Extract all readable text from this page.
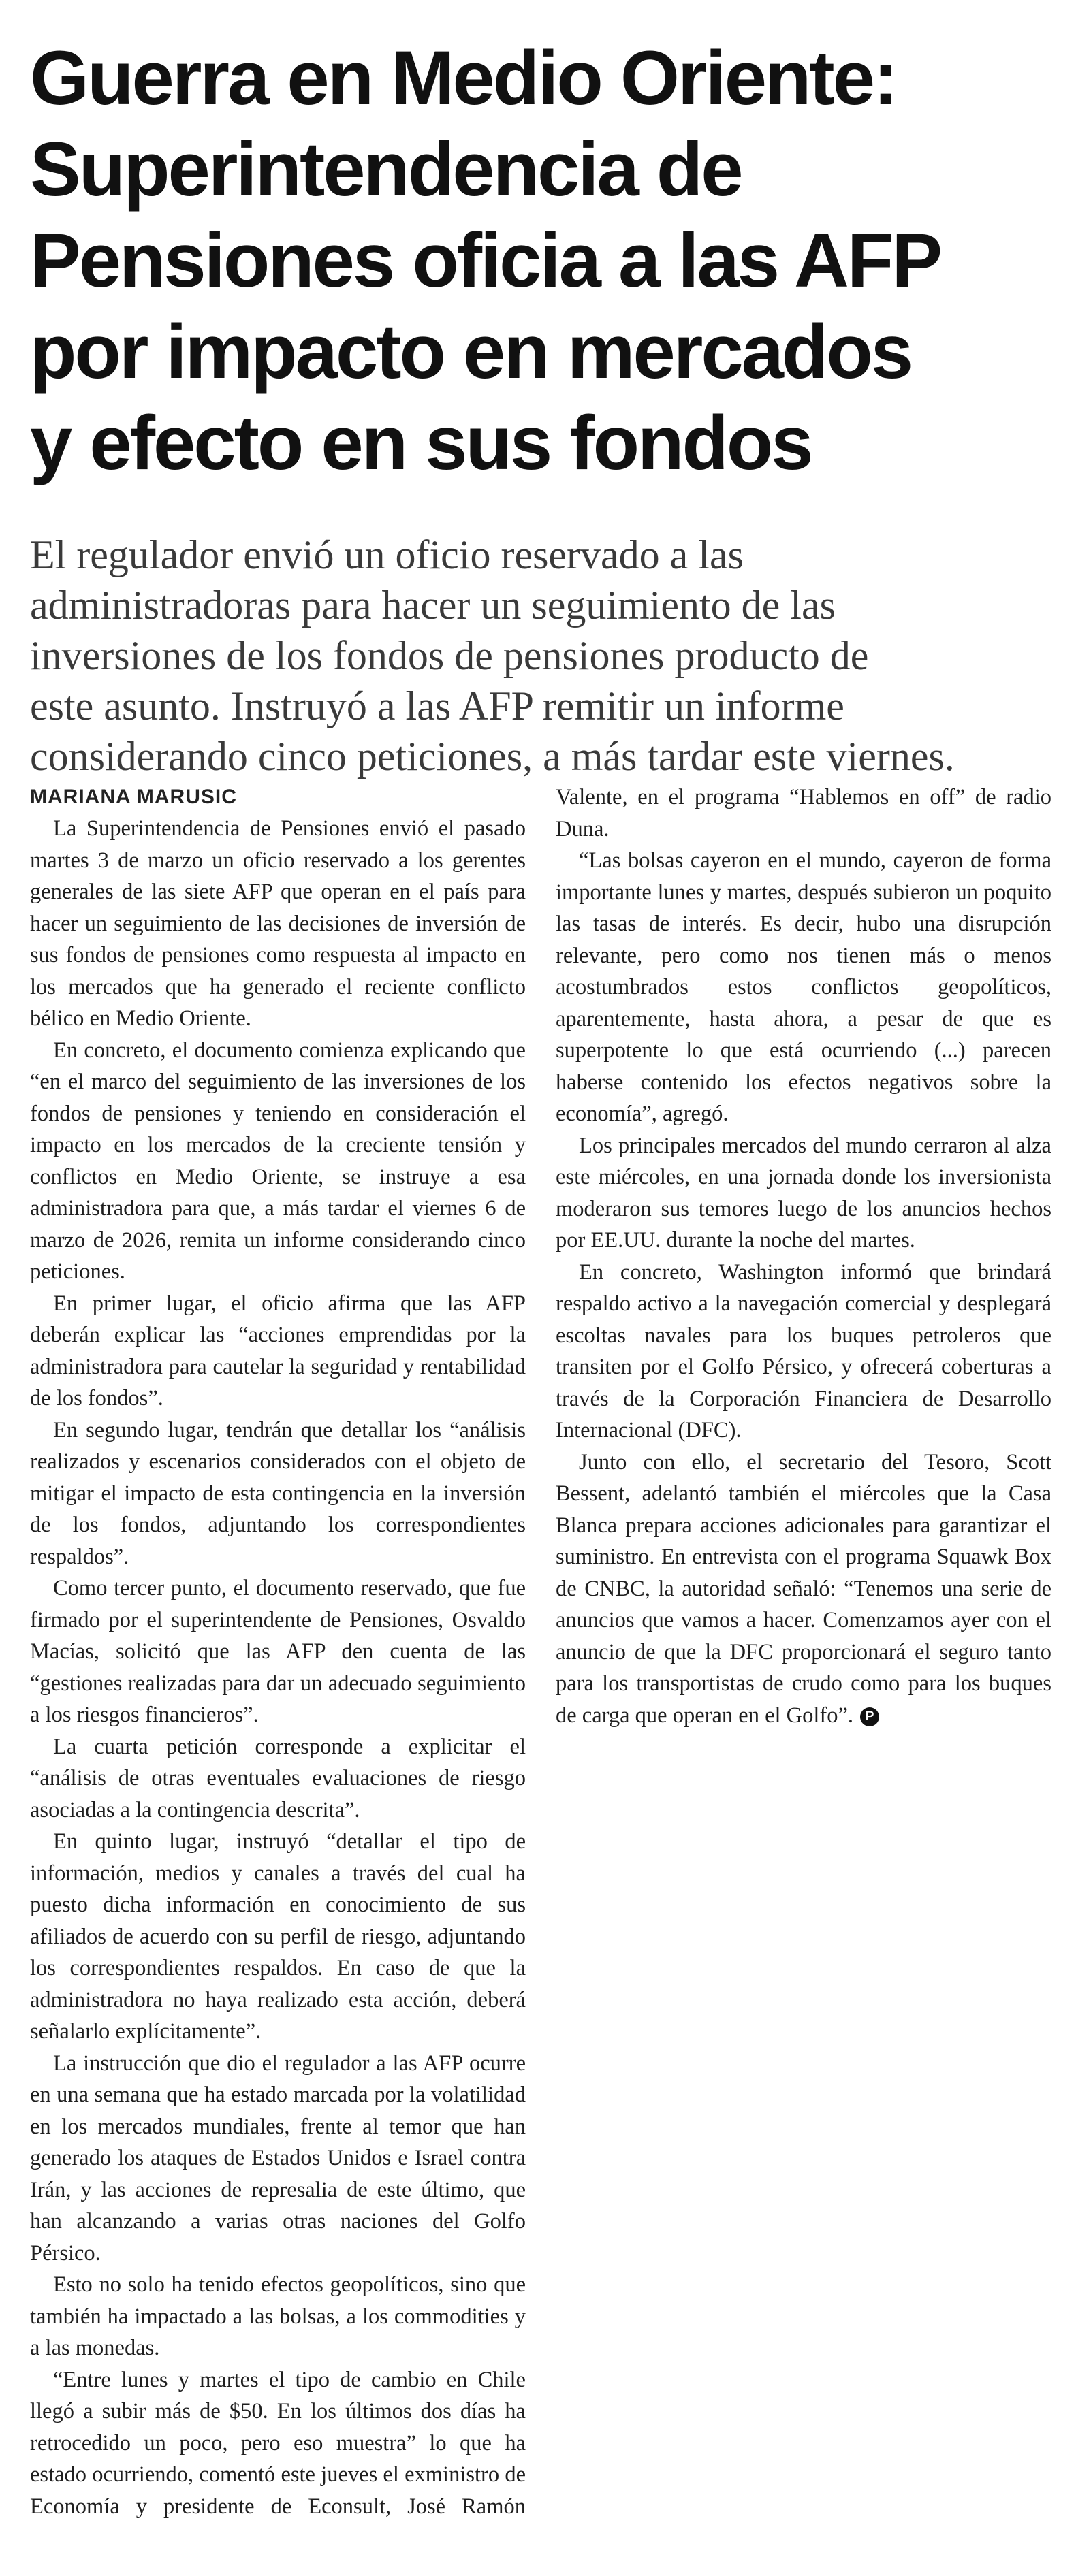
Guerra en Medio Oriente:
Superintendencia de
Pensiones oficia a las AFP
por impacto en mercados
y efecto en sus fondos

El regulador envió un oficio reservado a las
administradoras para hacer un seguimiento de las
inversiones de los fondos de pensiones producto de
este asunto. Instruyó a las AFP remitir un informe
considerando cinco peticiones, a más tardar este viernes.

MARIANA MARUSIC

La Superintendencia de Pensiones envió el pasado martes 3 de marzo un oficio reservado a los gerentes generales de las siete AFP que operan en el país para hacer un seguimiento de las decisiones de inversión de sus fondos de pensiones como respuesta al impacto en los mercados que ha generado el reciente conflicto bélico en Medio Oriente.

En concreto, el documento comienza explicando que “en el marco del seguimiento de las inversiones de los fondos de pensiones y teniendo en consideración el impacto en los mercados de la creciente tensión y conflictos en Medio Oriente, se instruye a esa administradora para que, a más tardar el viernes 6 de marzo de 2026, remita un informe considerando cinco peticiones.

En primer lugar, el oficio afirma que las AFP deberán explicar las “acciones emprendidas por la administradora para cautelar la seguridad y rentabilidad de los fondos”.

En segundo lugar, tendrán que detallar los “análisis realizados y escenarios considerados con el objeto de mitigar el impacto de esta contingencia en la inversión de los fondos, adjuntando los correspondientes respaldos”.

Como tercer punto, el documento reservado, que fue firmado por el superintendente de Pensiones, Osvaldo Macías, solicitó que las AFP den cuenta de las “gestiones realizadas para dar un adecuado seguimiento a los riesgos financieros”.

La cuarta petición corresponde a explicitar el “análisis de otras eventuales evaluaciones de riesgo asociadas a la contingencia descrita”.

En quinto lugar, instruyó “detallar el tipo de información, medios y canales a través del cual ha puesto dicha información en conocimiento de sus afiliados de acuerdo con su perfil de riesgo, adjuntando los correspondientes respaldos. En caso de que la administradora no haya realizado esta acción, deberá señalarlo explícitamente”.

La instrucción que dio el regulador a las AFP ocurre en una semana que ha estado marcada por la volatilidad en los mercados mundiales, frente al temor que han generado los ataques de Estados Unidos e Israel contra Irán, y las acciones de represalia de este último, que han alcanzando a varias otras naciones del Golfo Pérsico.

Esto no solo ha tenido efectos geopolíticos, sino que también ha impactado a las bolsas, a los commodities y a las monedas.

“Entre lunes y martes el tipo de cambio en Chile llegó a subir más de $50. En los últimos dos días ha retrocedido un poco, pero eso muestra” lo que ha estado ocurriendo, comentó este jueves el exministro de Economía y presidente de Econsult, José Ramón Valente, en el programa “Hablemos en off” de radio Duna.

“Las bolsas cayeron en el mundo, cayeron de forma importante lunes y martes, después subieron un poquito las tasas de interés. Es decir, hubo una disrupción relevante, pero como nos tienen más o menos acostumbrados estos conflictos geopolíticos, aparentemente, hasta ahora, a pesar de que es superpotente lo que está ocurriendo (...) parecen haberse contenido los efectos negativos sobre la economía”, agregó.

Los principales mercados del mundo cerraron al alza este miércoles, en una jornada donde los inversionista moderaron sus temores luego de los anuncios hechos por EE.UU. durante la noche del martes.

En concreto, Washington informó que brindará respaldo activo a la navegación comercial y desplegará escoltas navales para los buques petroleros que transiten por el Golfo Pérsico, y ofrecerá coberturas a través de la Corporación Financiera de Desarrollo Internacional (DFC).

Junto con ello, el secretario del Tesoro, Scott Bessent, adelantó también el miércoles que la Casa Blanca prepara acciones adicionales para garantizar el suministro. En entrevista con el programa Squawk Box de CNBC, la autoridad señaló: “Tenemos una serie de anuncios que vamos a hacer. Comenzamos ayer con el anuncio de que la DFC proporcionará el seguro tanto para los transportistas de crudo como para los buques de carga que operan en el Golfo”. P
